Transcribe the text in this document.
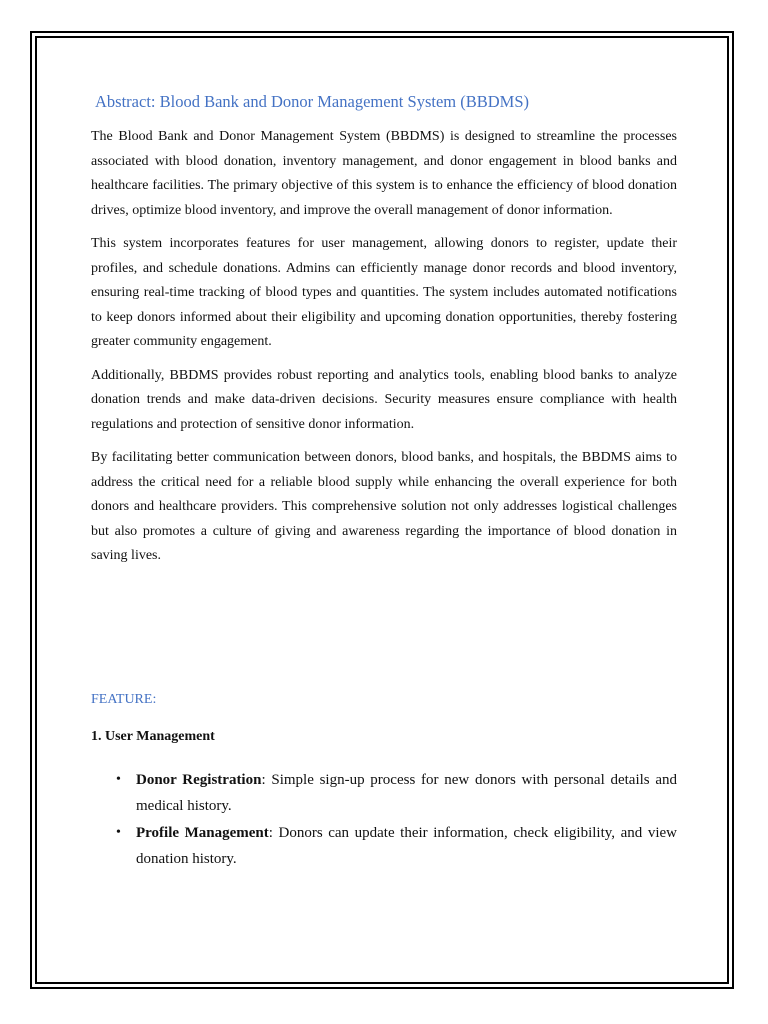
Abstract: Blood Bank and Donor Management System (BBDMS)

The Blood Bank and Donor Management System (BBDMS) is designed to streamline the processes associated with blood donation, inventory management, and donor engagement in blood banks and healthcare facilities. The primary objective of this system is to enhance the efficiency of blood donation drives, optimize blood inventory, and improve the overall management of donor information.

This system incorporates features for user management, allowing donors to register, update their profiles, and schedule donations. Admins can efficiently manage donor records and blood inventory, ensuring real-time tracking of blood types and quantities. The system includes automated notifications to keep donors informed about their eligibility and upcoming donation opportunities, thereby fostering greater community engagement.

Additionally, BBDMS provides robust reporting and analytics tools, enabling blood banks to analyze donation trends and make data-driven decisions. Security measures ensure compliance with health regulations and protection of sensitive donor information.

By facilitating better communication between donors, blood banks, and hospitals, the BBDMS aims to address the critical need for a reliable blood supply while enhancing the overall experience for both donors and healthcare providers. This comprehensive solution not only addresses logistical challenges but also promotes a culture of giving and awareness regarding the importance of blood donation in saving lives.

FEATURE:
1. User Management
• Donor Registration: Simple sign-up process for new donors with personal details and medical history.
• Profile Management: Donors can update their information, check eligibility, and view donation history.
